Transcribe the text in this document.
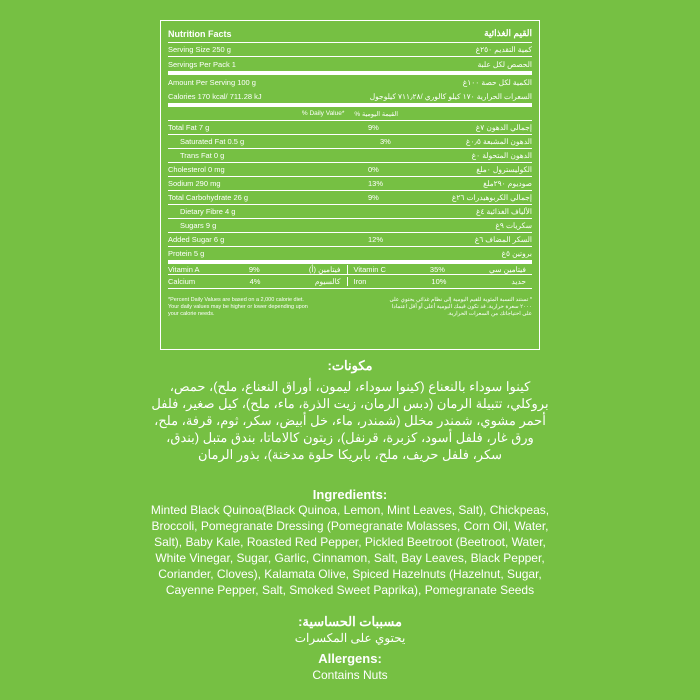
Nutrition Facts	القيم الغذائية
Serving Size 250 g	كمية التقديم ٢٥٠غ
Servings Per Pack 1	الحصص لكل علبة
Amount Per Serving 100 g	الكمية لكل حصة ١٠٠غ
Calories 170 kcal/ 711.28 kJ	السعرات الحرارية ١٧٠ كيلو كالوري /٧١١٫٢٨ كيلوجول
% Daily Value* القيمة اليومية %
Total Fat 7 g	9%	إجمالي الدهون ٧غ
Saturated Fat 0.5 g	3%	الدهون المشبعة ٠٫٥غ
Trans Fat 0 g	الدهون المتحولة ٠غ
Cholesterol 0 mg	0%	الكوليسترول ٠ملغ
Sodium 290 mg	13%	صوديوم ٢٩٠ملغ
Total Carbohydrate 26 g	9%	إجمالي الكربوهيدرات ٢٦غ
Dietary Fibre 4 g	الألياف الغذائية ٤غ
Sugars 9 g	سكريات ٩غ
Added Sugar 6 g	12%	السكر المضاف ٦غ
Protein 5 g	بروتين ٥غ
Vitamin A	9%	فيتامين (أ) Vitamin C	35%	فيتامين سي
Calcium	4%	كالسيوم Iron	10%	حديد
*Percent Daily Values are based on a 2,000 calorie diet. Your daily values may be higher or lower depending upon your calorie needs.
* تستند النسبة المئوية للقيم اليومية إلى نظام غذائي يحتوي على ٢٠٠٠ سعرة حرارية. قد تكون قيمك اليومية أعلى أو أقل اعتمادا على احتياجاتك من السعرات الحرارية.
مكونات:
كينوا سوداء بالنعناع (كينوا سوداء، ليمون، أوراق النعناع، ملح)، حمص، بروكلي، تتبيلة الرمان (دبس الرمان، زيت الذرة، ماء، ملح)، كيل صغير، فلفل أحمر مشوي، شمندر مخلل (شمندر، ماء، خل أبيض، سكر، ثوم، قرفة، ملح، ورق غار، فلفل أسود، كزبرة، قرنفل)، زيتون كالاماتا، بندق متبل (بندق، سكر، فلفل حريف، ملح، بابريكا حلوة مدخنة)، بذور الرمان
Ingredients:
Minted Black Quinoa(Black Quinoa, Lemon, Mint Leaves, Salt), Chickpeas, Broccoli, Pomegranate Dressing (Pomegranate Molasses, Corn Oil, Water, Salt), Baby Kale, Roasted Red Pepper, Pickled Beetroot (Beetroot, Water, White Vinegar, Sugar, Garlic, Cinnamon, Salt, Bay Leaves, Black Pepper, Coriander, Cloves), Kalamata Olive, Spiced Hazelnuts (Hazelnut, Sugar, Cayenne Pepper, Salt, Smoked Sweet Paprika), Pomegranate Seeds
مسببات الحساسية:
يحتوي على المكسرات
Allergens:
Contains Nuts
